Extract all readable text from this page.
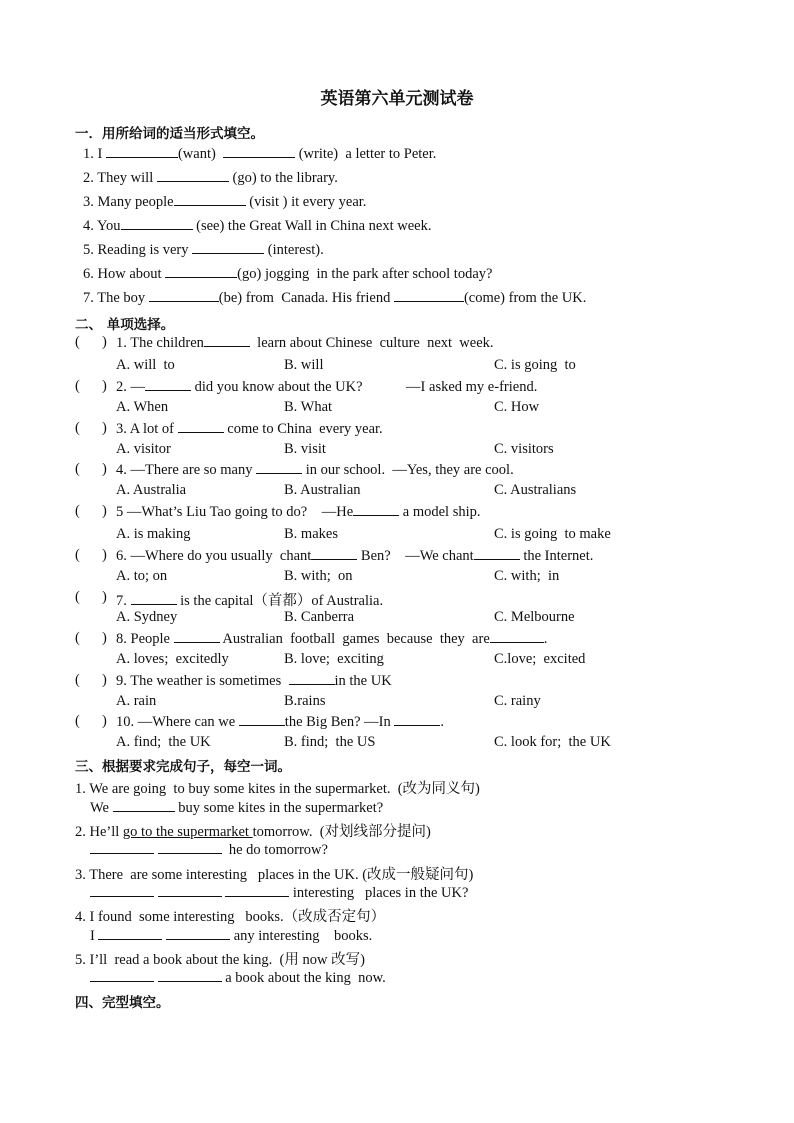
英语第六单元测试卷
一．用所给词的适当形式填空。
1. I	(want)	(write)  a letter to Peter.
2. They will	(go) to the library.
3. Many people	(visit ) it every year.
4. You	(see) the Great Wall in China next week.
5. Reading is very	(interest).
6. How about	(go) jogging  in the park after school today?
7. The boy	(be) from  Canada. His friend	(come) from the UK.
二、 单项选择。
( ) 1. The children	learn about Chinese  culture  next  week.
A. will  to	B. will	C. is going  to
( ) 2. —	did you know about the UK?            —I asked my e-friend.
A. When	B. What	C. How
( ) 3. A lot of	come to China  every year.
A. visitor	B. visit	C. visitors
( ) 4. —There are so many	in our school.  —Yes, they are cool.
A. Australia	B. Australian	C. Australians
( ) 5 —What’s Liu Tao going to do?    —He	a model ship.
A. is making	B. makes	C. is going  to make
( ) 6. —Where do you usually  chant	Ben?    —We chant	the Internet.
A. to; on	B. with;  on	C. with;  in
( ) 7.	is the capital（首都）of Australia.
A. Sydney	B. Canberra	C. Melbourne
( ) 8. People	Australian  football  games  because  they  are	.
A. loves;  excitedly	B. love;  exciting	C.love;  excited
( ) 9. The weather is sometimes	in the UK
A. rain	B.rains	C. rainy
( ) 10. —Where can we	the Big Ben? —In	.
A. find;  the UK	B. find;  the US	C. look for;  the UK
三、根据要求完成句子，每空一词。
1. We are going  to buy some kites in the supermarket.  (改为同义句)
We	buy some kites in the supermarket?
2. He’ll go to the supermarket tomorrow.  (对划线部分提问)
he do tomorrow?
3. There  are some interesting   places in the UK. (改成一般疑问句)
interesting   places in the UK?
4. I found  some interesting   books.（改成否定句）
I	any interesting    books.
5. I’ll  read a book about the king.  (用 now 改写)
a book about the king  now.
四、完型填空。
